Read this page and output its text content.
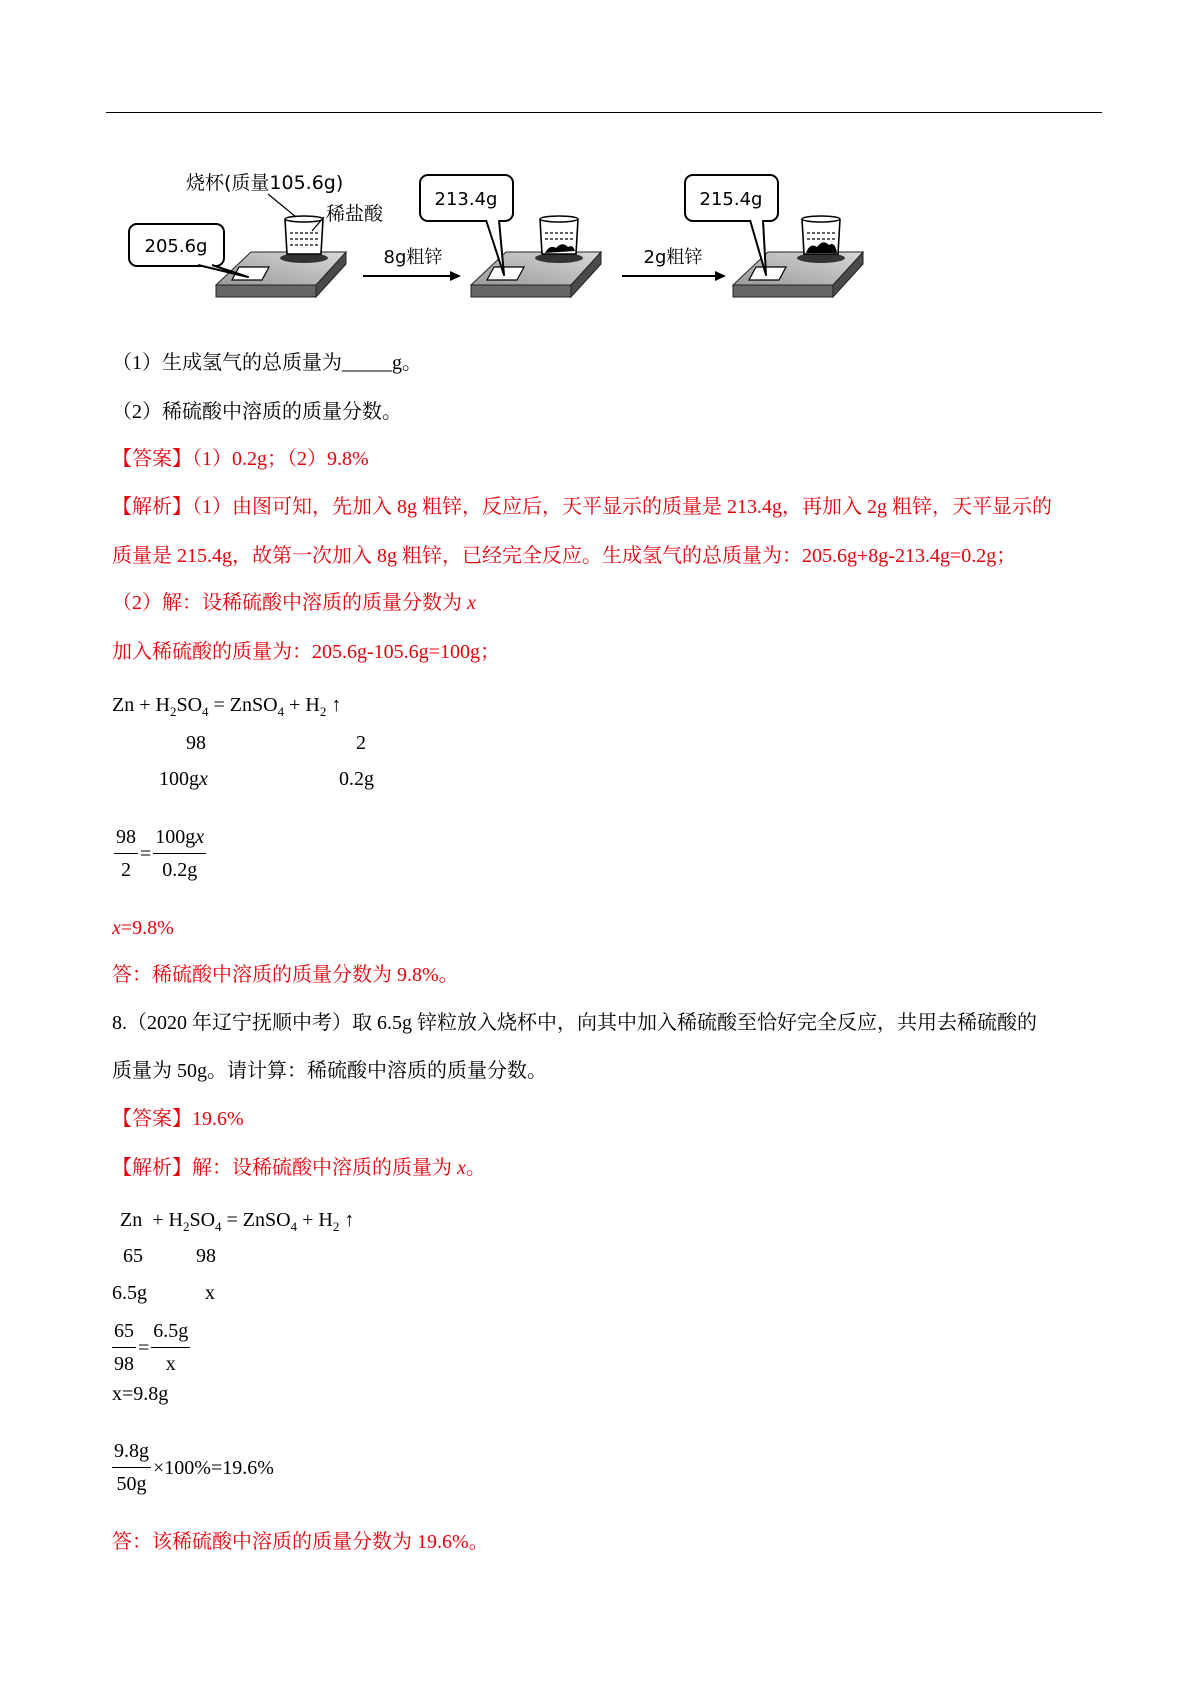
烧杯(质量105.6g)
稀盐酸
205.6g
8g粗锌
213.4g
2g粗锌
215.4g
（1）生成氢气的总质量为_____g。
（2）稀硫酸中溶质的质量分数。
【答案】（1）0.2g；（2）9.8%
【解析】（1）由图可知，先加入 8g 粗锌，反应后，天平显示的质量是 213.4g，再加入 2g 粗锌，天平显示的
质量是 215.4g，故第一次加入 8g 粗锌，已经完全反应。生成氢气的总质量为：205.6g+8g-213.4g=0.2g；
（2）解：设稀硫酸中溶质的质量分数为 x
加入稀硫酸的质量为：205.6g-105.6g=100g；
$Zn + H_2SO_4$ = ZnSO$_4$ + $H_2$ ↑
98	2
100gx	0.2g
$\frac{98}{2} = \frac{100gx}{0.2g}$
x=9.8%
答：稀硫酸中溶质的质量分数为 9.8%。
8.（2020 年辽宁抚顺中考）取 6.5g 锌粒放入烧杯中，向其中加入稀硫酸至恰好完全反应，共用去稀硫酸的
质量为 50g。请计算：稀硫酸中溶质的质量分数。
【答案】19.6%
【解析】解：设稀硫酸中溶质的质量为 x。
$Zn + H_2SO_4$ = ZnSO$_4$ + $H_2$ ↑
65	98
6.5g	x
$\frac{65}{98} = \frac{6.5g}{x}$
x=9.8g
$\frac{9.8g}{50g} \times 100\%=19.6\%$
答：该稀硫酸中溶质的质量分数为 19.6%。
